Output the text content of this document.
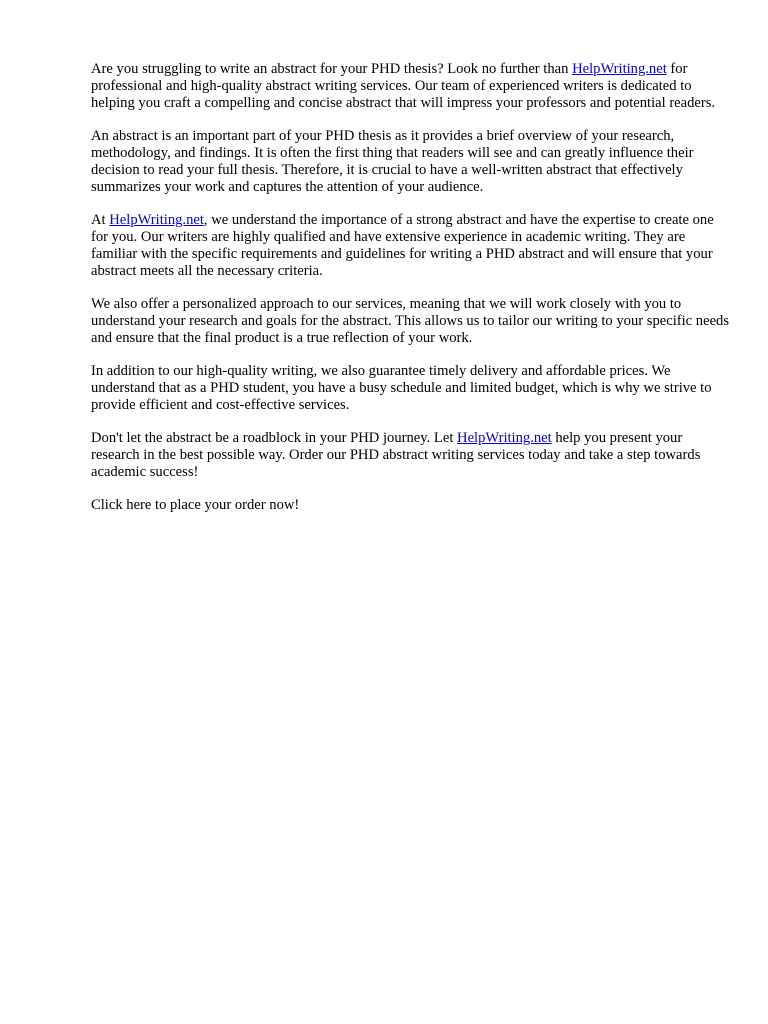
Are you struggling to write an abstract for your PHD thesis? Look no further than HelpWriting.net for professional and high-quality abstract writing services. Our team of experienced writers is dedicated to helping you craft a compelling and concise abstract that will impress your professors and potential readers.

An abstract is an important part of your PHD thesis as it provides a brief overview of your research, methodology, and findings. It is often the first thing that readers will see and can greatly influence their decision to read your full thesis. Therefore, it is crucial to have a well-written abstract that effectively summarizes your work and captures the attention of your audience.

At HelpWriting.net, we understand the importance of a strong abstract and have the expertise to create one for you. Our writers are highly qualified and have extensive experience in academic writing. They are familiar with the specific requirements and guidelines for writing a PHD abstract and will ensure that your abstract meets all the necessary criteria.

We also offer a personalized approach to our services, meaning that we will work closely with you to understand your research and goals for the abstract. This allows us to tailor our writing to your specific needs and ensure that the final product is a true reflection of your work.

In addition to our high-quality writing, we also guarantee timely delivery and affordable prices. We understand that as a PHD student, you have a busy schedule and limited budget, which is why we strive to provide efficient and cost-effective services.

Don't let the abstract be a roadblock in your PHD journey. Let HelpWriting.net help you present your research in the best possible way. Order our PHD abstract writing services today and take a step towards academic success!

Click here to place your order now!
